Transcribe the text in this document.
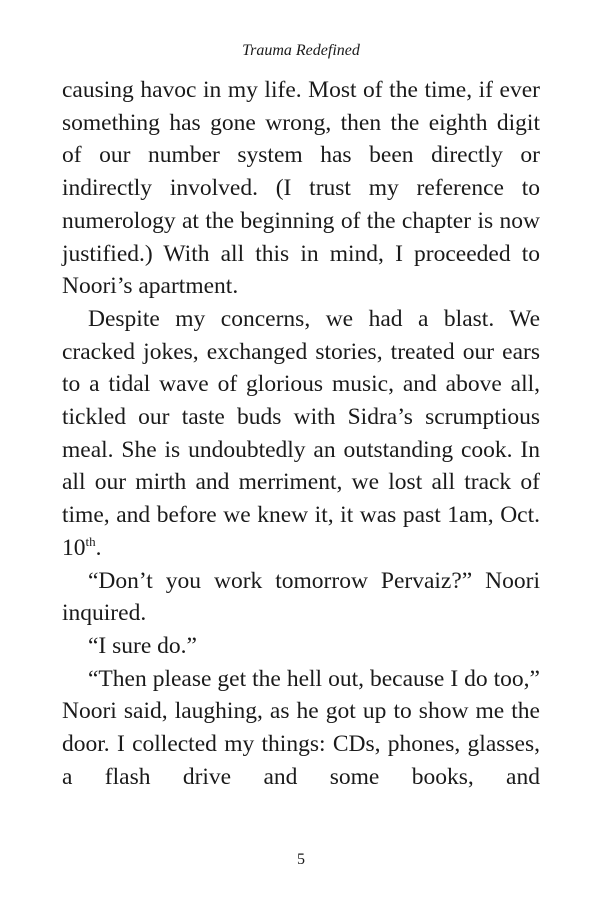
Trauma Redefined

causing havoc in my life. Most of the time, if ever something has gone wrong, then the eighth digit of our number system has been directly or indirectly involved. (I trust my reference to numerology at the beginning of the chapter is now justified.) With all this in mind, I proceeded to Noori’s apartment.

Despite my concerns, we had a blast. We cracked jokes, exchanged stories, treated our ears to a tidal wave of glorious music, and above all, tickled our taste buds with Sidra’s scrumptious meal. She is undoubtedly an outstanding cook. In all our mirth and merriment, we lost all track of time, and before we knew it, it was past 1am, Oct. 10th.

“Don’t you work tomorrow Pervaiz?” Noori inquired.

“I sure do.”

“Then please get the hell out, because I do too,” Noori said, laughing, as he got up to show me the door. I collected my things: CDs, phones, glasses, a flash drive and some books, and

5
